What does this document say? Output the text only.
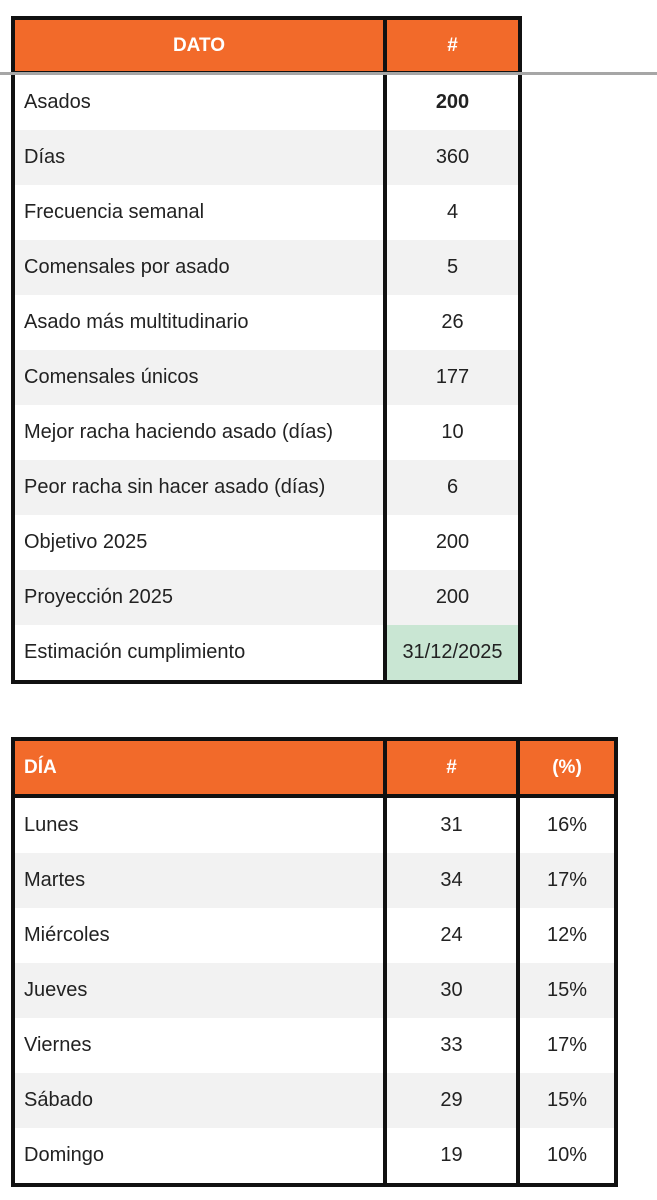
DATO	#
Asados	200
Días	360
Frecuencia semanal	4
Comensales por asado	5
Asado más multitudinario	26
Comensales únicos	177
Mejor racha haciendo asado (días)	10
Peor racha sin hacer asado (días)	6
Objetivo 2025	200
Proyección 2025	200
Estimación cumplimiento	31/12/2025
DÍA	#	(%)
Lunes	31	16%
Martes	34	17%
Miércoles	24	12%
Jueves	30	15%
Viernes	33	17%
Sábado	29	15%
Domingo	19	10%
